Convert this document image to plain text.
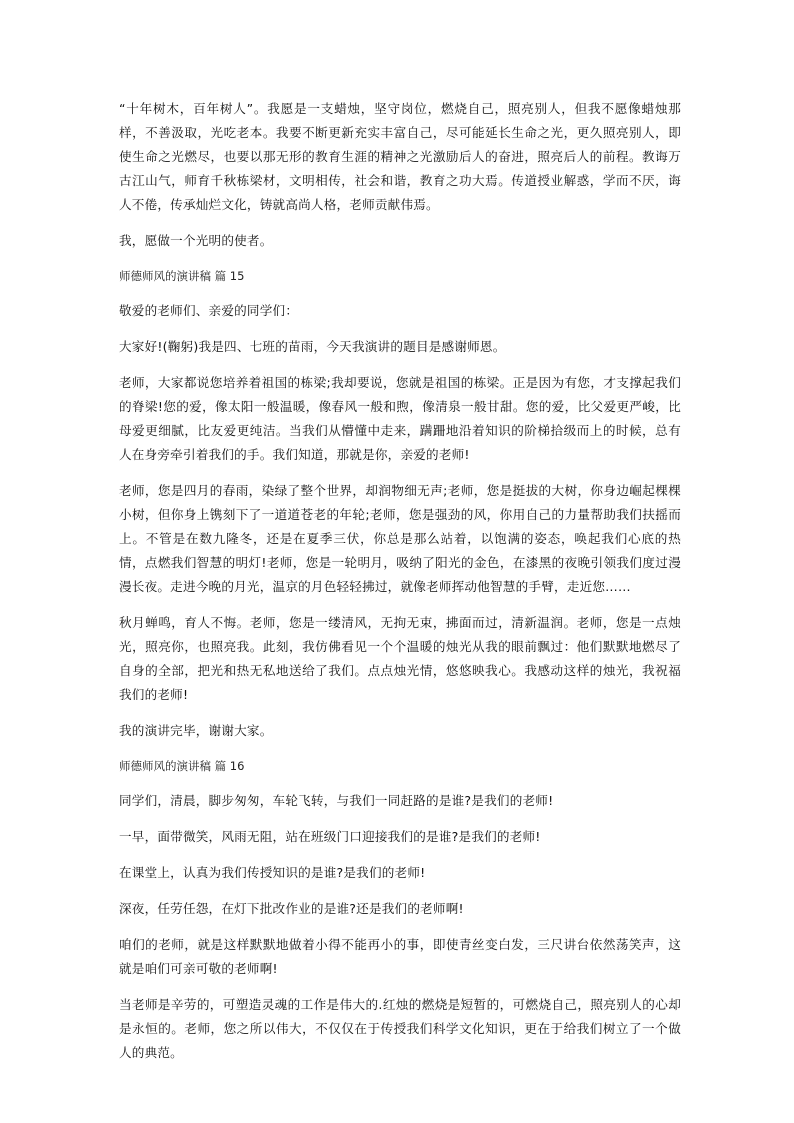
“十年树木，百年树人”。我愿是一支蜡烛，坚守岗位，燃烧自己，照亮别人，但我不愿像蜡烛那样，不善汲取，光吃老本。我要不断更新充实丰富自己，尽可能延长生命之光，更久照亮别人，即使生命之光燃尽，也要以那无形的教育生涯的精神之光激励后人的奋进，照亮后人的前程。教诲万古江山气，师育千秋栋梁材，文明相传，社会和谐，教育之功大焉。传道授业解惑，学而不厌，诲人不倦，传承灿烂文化，铸就高尚人格，老师贡献伟焉。

我，愿做一个光明的使者。

师德师风的演讲稿 篇 15

敬爱的老师们、亲爱的同学们：

大家好!(鞠躬)我是四、七班的苗雨，今天我演讲的题目是感谢师恩。

老师，大家都说您培养着祖国的栋梁;我却要说，您就是祖国的栋梁。正是因为有您，才支撑起我们的脊梁!您的爱，像太阳一般温暖，像春风一般和煦，像清泉一般甘甜。您的爱，比父爱更严峻，比母爱更细腻，比友爱更纯洁。当我们从懵懂中走来，蹒跚地沿着知识的阶梯拾级而上的时候，总有人在身旁牵引着我们的手。我们知道，那就是你，亲爱的老师!

老师，您是四月的春雨，染绿了整个世界，却润物细无声;老师，您是挺拔的大树，你身边崛起棵棵小树，但你身上镌刻下了一道道苍老的年轮;老师，您是强劲的风，你用自己的力量帮助我们扶摇而上。不管是在数九隆冬，还是在夏季三伏，你总是那么站着，以饱满的姿态，唤起我们心底的热情，点燃我们智慧的明灯!老师，您是一轮明月，吸纳了阳光的金色，在漆黑的夜晚引领我们度过漫漫长夜。走进今晚的月光，温京的月色轻轻拂过，就像老师挥动他智慧的手臂，走近您……

秋月蝉鸣，育人不悔。老师，您是一缕清风，无拘无束，拂面而过，清新温润。老师，您是一点烛光，照亮你，也照亮我。此刻，我仿佛看见一个个温暖的烛光从我的眼前飘过：他们默默地燃尽了自身的全部，把光和热无私地送给了我们。点点烛光情，悠悠映我心。我感动这样的烛光，我祝福我们的老师!

我的演讲完毕，谢谢大家。

师德师风的演讲稿 篇 16

同学们，清晨，脚步匆匆，车轮飞转，与我们一同赶路的是谁?是我们的老师!

一早，面带微笑，风雨无阻，站在班级门口迎接我们的是谁?是我们的老师!

在课堂上，认真为我们传授知识的是谁?是我们的老师!

深夜，任劳任怨，在灯下批改作业的是谁?还是我们的老师啊!

咱们的老师，就是这样默默地做着小得不能再小的事，即使青丝变白发，三尺讲台依然荡笑声，这就是咱们可亲可敬的老师啊!

当老师是辛劳的，可塑造灵魂的工作是伟大的.红烛的燃烧是短暂的，可燃烧自己，照亮别人的心却是永恒的。老师，您之所以伟大，不仅仅在于传授我们科学文化知识，更在于给我们树立了一个做人的典范。
